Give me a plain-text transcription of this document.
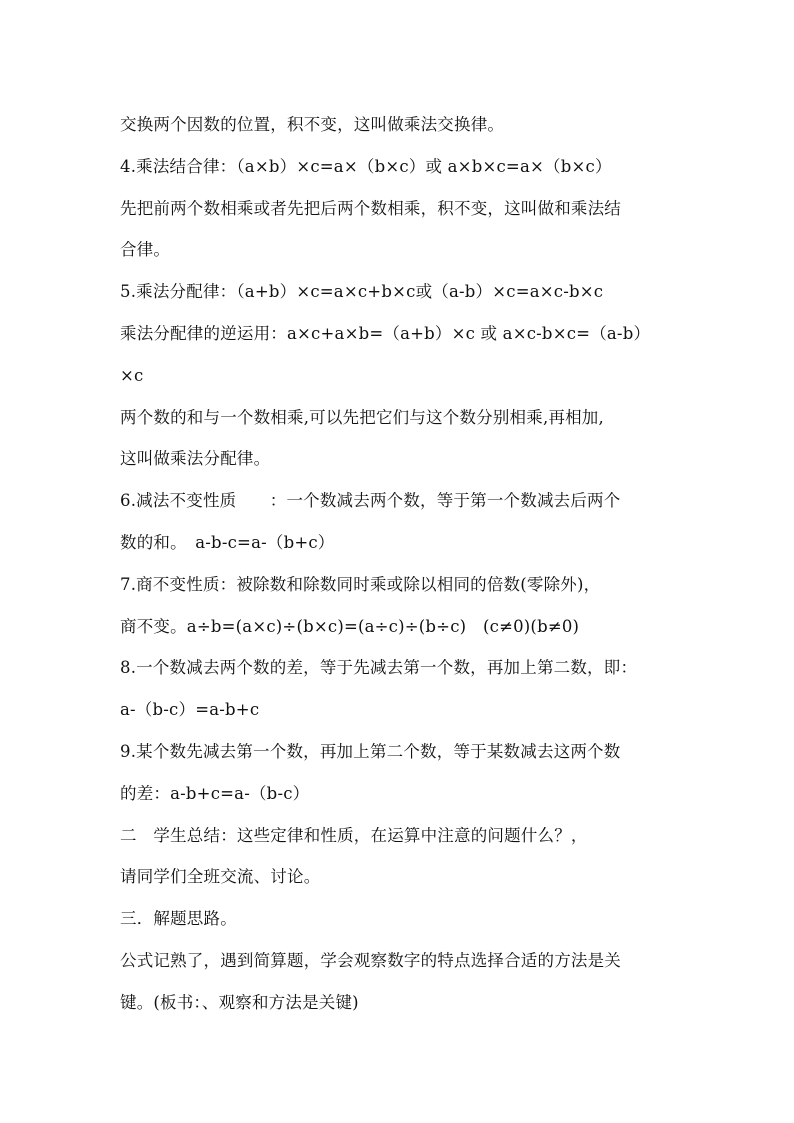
交换两个因数的位置，积不变，这叫做乘法交换律。
4.乘法结合律：（a×b）×c=a×（b×c）或 a×b×c=a×（b×c）
先把前两个数相乘或者先把后两个数相乘，积不变，这叫做和乘法结
合律。
5.乘法分配律：（a+b）×c=a×c+b×c或（a-b）×c=a×c-b×c
乘法分配律的逆运用：a×c+a×b=（a+b）×c 或 a×c-b×c=（a-b）
×c
两个数的和与一个数相乘,可以先把它们与这个数分别相乘,再相加,
这叫做乘法分配律。
6.减法不变性质　　：一个数减去两个数，等于第一个数减去后两个
数的和。　a-b-c=a-（b+c）
7.商不变性质：被除数和除数同时乘或除以相同的倍数(零除外)，
商不变。a÷b=(a×c)÷(b×c)=(a÷c)÷(b÷c)　(c≠0)(b≠0)
8.一个数减去两个数的差，等于先减去第一个数，再加上第二数，即：
a-（b-c）=a-b+c
9.某个数先减去第一个数，再加上第二个数，等于某数减去这两个数
的差：a-b+c=a-（b-c）
二　学生总结：这些定律和性质，在运算中注意的问题什么？，
请同学们全班交流、讨论。
三．解题思路。
公式记熟了，遇到简算题，学会观察数字的特点选择合适的方法是关
键。(板书：、观察和方法是关键)
